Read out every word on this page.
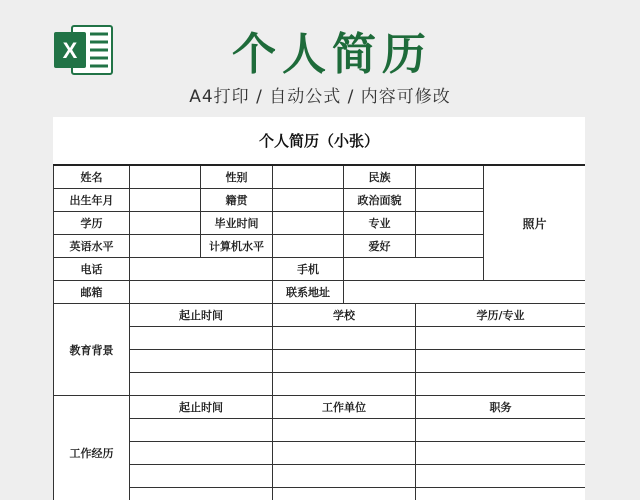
X	个人简历
A4打印 / 自动公式 / 内容可修改
个人简历（小张）
姓名		性别		民族		照片
出生年月		籍贯		政治面貌		
学历		毕业时间		专业		
英语水平		计算机水平		爱好		
电话			手机			
邮箱			联系地址			
教育背景	起止时间		学校		学历/专业	

工作经历	起止时间		工作单位		职务	
